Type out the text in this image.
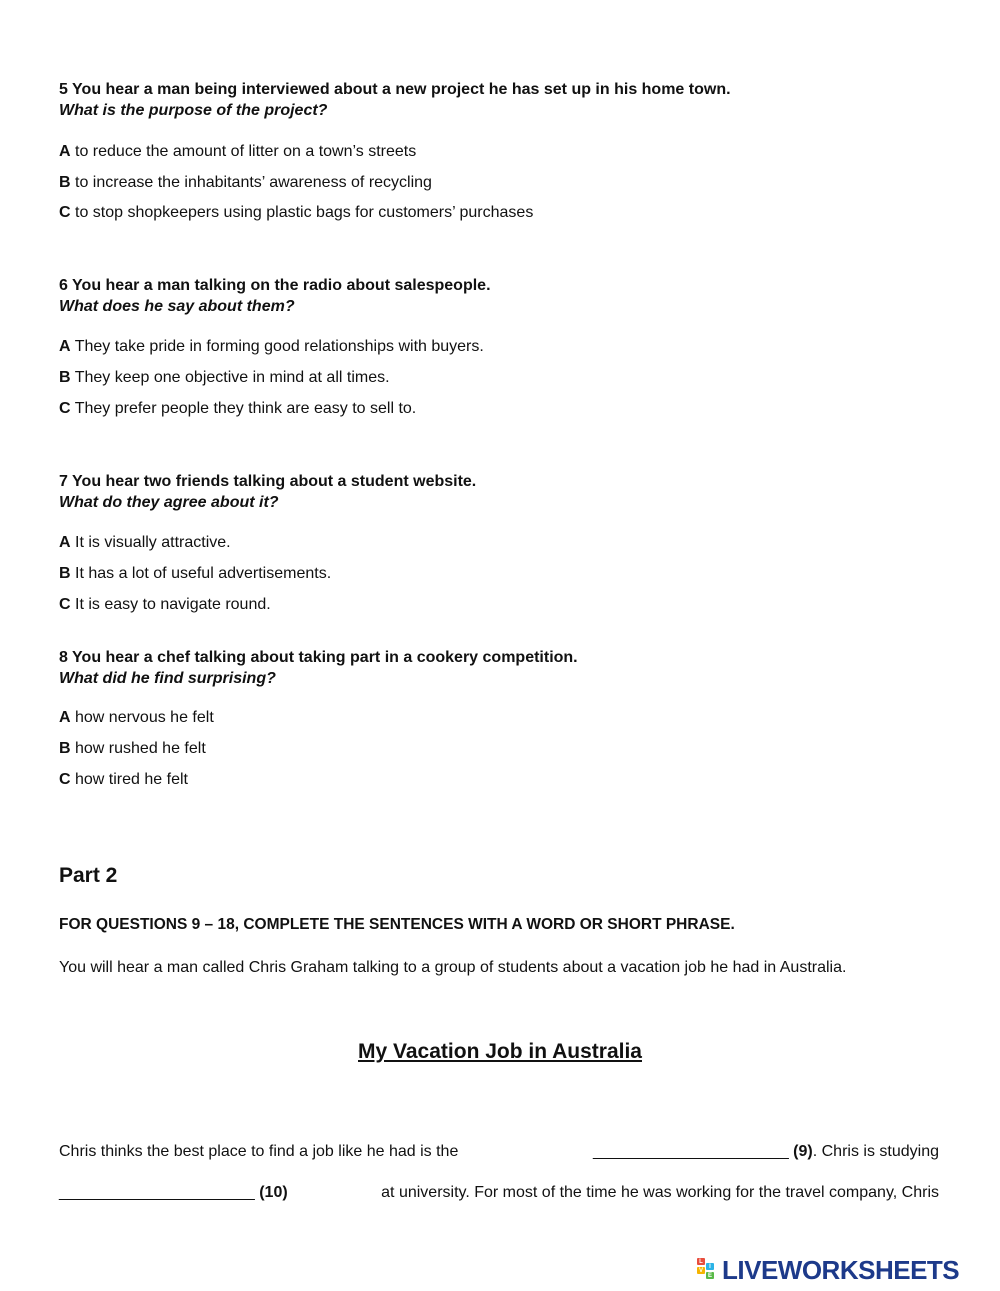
5 You hear a man being interviewed about a new project he has set up in his home town.
What is the purpose of the project?
A to reduce the amount of litter on a town’s streets
B to increase the inhabitants’ awareness of recycling
C to stop shopkeepers using plastic bags for customers’ purchases
6 You hear a man talking on the radio about salespeople.
What does he say about them?
A They take pride in forming good relationships with buyers.
B They keep one objective in mind at all times.
C They prefer people they think are easy to sell to.
7 You hear two friends talking about a student website.
What do they agree about it?
A It is visually attractive.
B It has a lot of useful advertisements.
C It is easy to navigate round.
8 You hear a chef talking about taking part in a cookery competition.
What did he find surprising?
A how nervous he felt
B how rushed he felt
C how tired he felt
Part 2
FOR QUESTIONS 9 – 18, COMPLETE THE SENTENCES WITH A WORD OR SHORT PHRASE.
You will hear a man called Chris Graham talking to a group of students about a vacation job he had in Australia.
My Vacation Job in Australia
Chris thinks the best place to find a job like he had is the	______________________ (9). Chris is studying
______________________ (10)	at university. For most of the time he was working for the travel company, Chris
L
I
V
E LIVEWORKSHEETS
